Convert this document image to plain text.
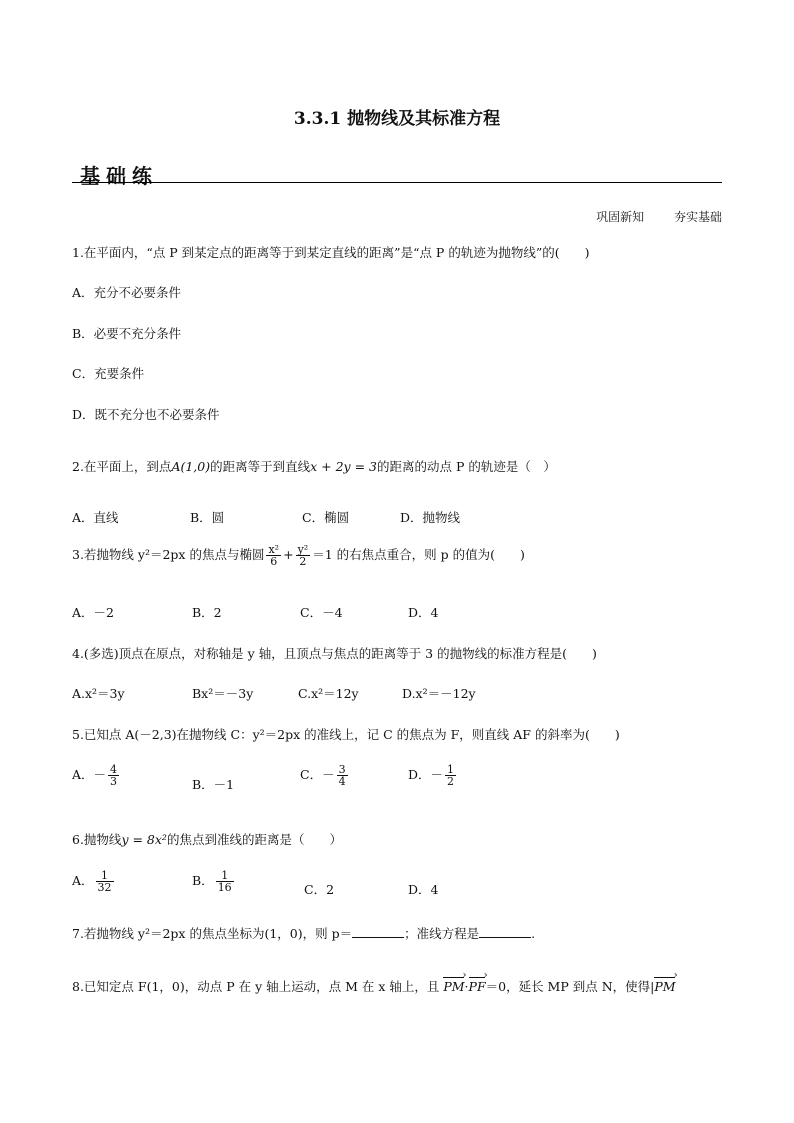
3.3.1 抛物线及其标准方程
基础练
巩固新知 夯实基础
1.在平面内，“点 P 到某定点的距离等于到某定直线的距离”是“点 P 的轨迹为抛物线”的(　　)
A．充分不必要条件
B．必要不充分条件
C．充要条件
D．既不充分也不必要条件
2.在平面上，到点A(1,0)的距离等于到直线x + 2y = 3的距离的动点 P 的轨迹是（　）
A．直线	B．圆	C．椭圆	D．抛物线
3.若抛物线 y²＝2px 的焦点与椭圆 $\frac{\text{x²}}{6} + \frac{\text{y²}}{2} =1$ 的右焦点重合，则 p 的值为(　　)
A．－2	B．2	C．－4	D．4
4.(多选)顶点在原点，对称轴是 y 轴，且顶点与焦点的距离等于 3 的抛物线的标准方程是(　　)
A.x²＝3y	Bx²＝－3y	C.x²＝12y	D.x²＝－12y
5.已知点 A(－2,3)在抛物线 C：y²＝2px 的准线上，记 C 的焦点为 F，则直线 AF 的斜率为(　　)
A．－ $\frac{4}{3}$	B．－1
C．－ $\frac{3}{4}$	D．－ $\frac{1}{2}$
6.抛物线y = 8x²的焦点到准线的距离是（　　）
A． $\frac{1}{32}$	B． $\frac{1}{16}$	C．2	D．4
7.若抛物线 y²＝2px 的焦点坐标为(1，0)，则 p＝	；准线方程是	.
8.已知定点 F(1，0)，动点 P 在 y 轴上运动，点 M 在 x 轴上，且 PM ›·PF ›＝0，延长 MP 到点 N，使得|PM ›
